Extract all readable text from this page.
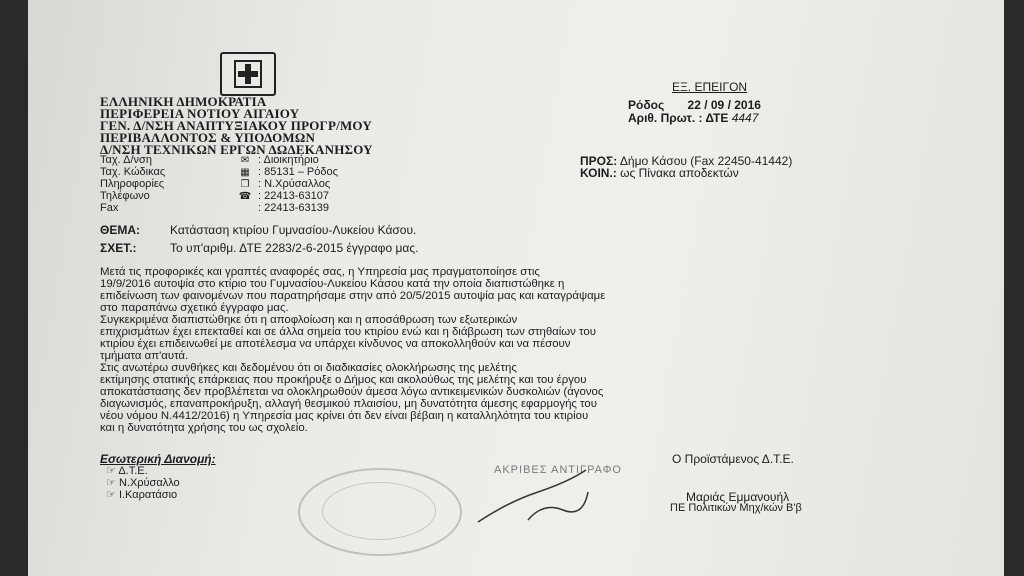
ΕΛΛΗΝΙΚΗ ΔΗΜΟΚΡΑΤΙΑ
ΠΕΡΙΦΕΡΕΙΑ ΝΟΤΙΟΥ ΑΙΓΑΙΟΥ
ΓΕΝ. Δ/ΝΣΗ ΑΝΑΠΤΥΞΙΑΚΟΥ ΠΡΟΓΡ/ΜΟΥ
ΠΕΡΙΒΑΛΛΟΝΤΟΣ & ΥΠΟΔΟΜΩΝ
Δ/ΝΣΗ ΤΕΧΝΙΚΩΝ ΕΡΓΩΝ ΔΩΔΕΚΑΝΗΣΟΥ
Ταχ. Δ/νση	✉ : Διοικητήριο
Ταχ. Κώδικας	▦ : 85131 – Ρόδος
Πληροφορίες	❐ : Ν.Χρύσαλλος
Τηλέφωνο	☎ : 22413-63107
Fax	: 22413-63139
ΕΞ. ΕΠΕΙΓΟΝ
Ρόδος 22 / 09 / 2016
Αριθ. Πρωτ. : ΔΤΕ 4447
ΠΡΟΣ: Δήμο Κάσου (Fax 22450-41442)
ΚΟΙΝ.: ως Πίνακα αποδεκτών
ΘΕΜΑ:	Κατάσταση κτιρίου Γυμνασίου-Λυκείου Κάσου.
ΣΧΕΤ.:	Το υπ'αριθμ. ΔΤΕ 2283/2-6-2015 έγγραφο μας.
Μετά τις προφορικές και γραπτές αναφορές σας, η Υπηρεσία μας πραγματοποίησε στις
19/9/2016 αυτοψία στο κτίριο του Γυμνασίου-Λυκείου Κάσου κατά την οποία διαπιστώθηκε η
επιδείνωση των φαινομένων που παρατηρήσαμε στην από 20/5/2015 αυτοψία μας και καταγράψαμε
στο παραπάνω σχετικό έγγραφο μας.
Συγκεκριμένα διαπιστώθηκε ότι η αποφλοίωση και η αποσάθρωση των εξωτερικών
επιχρισμάτων έχει επεκταθεί και σε άλλα σημεία του κτιρίου ενώ και η διάβρωση των στηθαίων του
κτιρίου έχει επιδεινωθεί με αποτέλεσμα να υπάρχει κίνδυνος να αποκολληθούν και να πέσουν
τμήματα απ'αυτά.
Στις ανωτέρω συνθήκες και δεδομένου ότι οι διαδικασίες ολοκλήρωσης της μελέτης
εκτίμησης στατικής επάρκειας που προκήρυξε ο Δήμος και ακολούθως της μελέτης και του έργου
αποκατάστασης δεν προβλέπεται να ολοκληρωθούν άμεσα λόγω αντικειμενικών δυσκολιών (άγονος
διαγωνισμός, επαναπροκήρυξη, αλλαγή θεσμικού πλαισίου, μη δυνατότητα άμεσης εφαρμογής του
νέου νόμου Ν.4412/2016) η Υπηρεσία μας κρίνει ότι δεν είναι βέβαιη η καταλληλότητα του κτιρίου
και η δυνατότητα χρήσης του ως σχολείο.
Εσωτερική Διανομή:
☞ Δ.Τ.Ε.
☞ Ν.Χρύσαλλο
☞ Ι.Καρατάσιο
ΑΚΡΙΒΕΣ ΑΝΤΙΓΡΑΦΟ
Ο Προϊστάμενος Δ.Τ.Ε.
Μαριάς Εμμανουήλ
ΠΕ Πολιτικών Μηχ/κών Β'β
